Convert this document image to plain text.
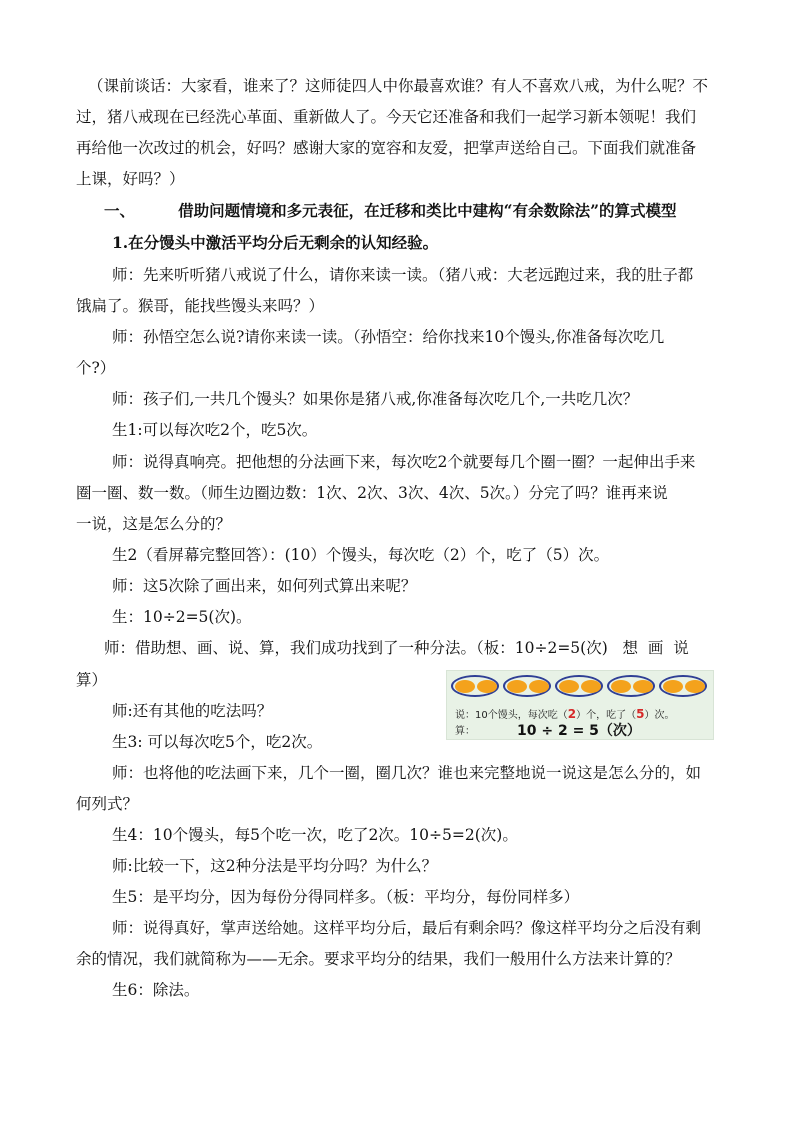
（课前谈话：大家看，谁来了？这师徒四人中你最喜欢谁？有人不喜欢八戒，为什么呢？不
过，猪八戒现在已经洗心革面、重新做人了。今天它还准备和我们一起学习新本领呢！我们
再给他一次改过的机会，好吗？感谢大家的宽容和友爱，把掌声送给自己。下面我们就准备
上课，好吗？）
一、        借助问题情境和多元表征，在迁移和类比中建构“有余数除法”的算式模型
1.在分馒头中激活平均分后无剩余的认知经验。
师：先来听听猪八戒说了什么，请你来读一读。（猪八戒：大老远跑过来，我的肚子都
饿扁了。猴哥，能找些馒头来吗？）
师：孙悟空怎么说?请你来读一读。（孙悟空：给你找来10个馒头,你准备每次吃几
个?）
师：孩子们,一共几个馒头？如果你是猪八戒,你准备每次吃几个,一共吃几次？
生1:可以每次吃2个，吃5次。
师：说得真响亮。把他想的分法画下来，每次吃2个就要每几个圈一圈？一起伸出手来
圈一圈、数一数。（师生边圈边数：1次、2次、3次、4次、5次。）分完了吗？谁再来说
一说，这是怎么分的？
生2（看屏幕完整回答）：(10）个馒头，每次吃（2）个，吃了（5）次。
师：这5次除了画出来，如何列式算出来呢？
生：10÷2=5(次)。
师：借助想、画、说、算，我们成功找到了一种分法。（板：10÷2=5(次)   想  画  说
算）
师:还有其他的吃法吗？
生3: 可以每次吃5个，吃2次。
师：也将他的吃法画下来，几个一圈，圈几次？谁也来完整地说一说这是怎么分的，如
何列式？
生4：10个馒头，每5个吃一次，吃了2次。10÷5=2(次)。
师:比较一下，这2种分法是平均分吗？为什么？
生5：是平均分，因为每份分得同样多。（板：平均分，每份同样多）
师：说得真好，掌声送给她。这样平均分后，最后有剩余吗？像这样平均分之后没有剩
余的情况，我们就简称为——无余。要求平均分的结果，我们一般用什么方法来计算的？
生6：除法。
说：10个馒头，每次吃（2）个，吃了（5）次。
算：	10 ÷ 2 = 5（次）
